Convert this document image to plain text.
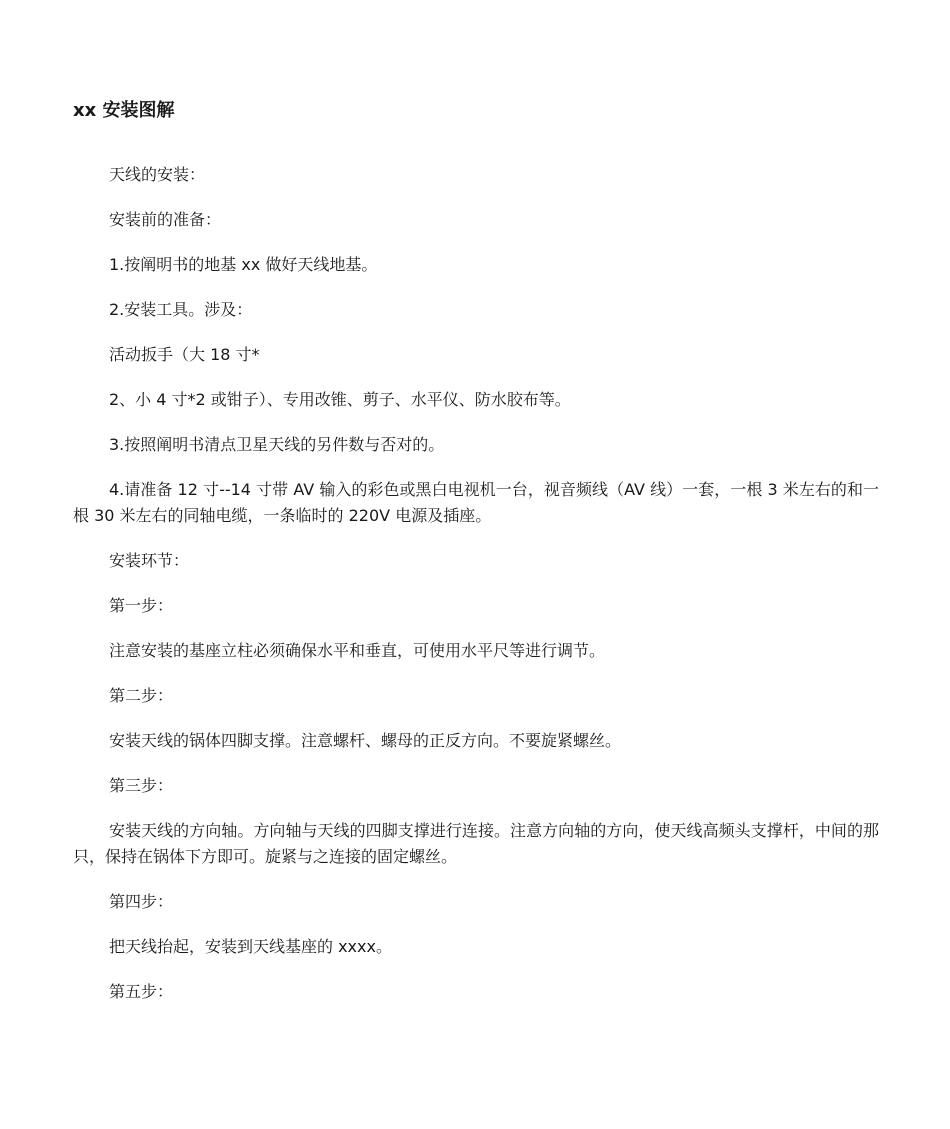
xx 安装图解

天线的安装：

安装前的准备：

1.按阐明书的地基 xx 做好天线地基。

2.安装工具。涉及：

活动扳手（大 18 寸*

2、小 4 寸*2 或钳子）、专用改锥、剪子、水平仪、防水胶布等。

3.按照阐明书清点卫星天线的另件数与否对的。

4.请准备 12 寸--14 寸带 AV 输入的彩色或黑白电视机一台，视音频线（AV 线）一套，一根 3 米左右的和一根 30 米左右的同轴电缆，一条临时的 220V 电源及插座。

安装环节：

第一步：

注意安装的基座立柱必须确保水平和垂直，可使用水平尺等进行调节。

第二步：

安装天线的锅体四脚支撑。注意螺杆、螺母的正反方向。不要旋紧螺丝。

第三步：

安装天线的方向轴。方向轴与天线的四脚支撑进行连接。注意方向轴的方向，使天线高频头支撑杆，中间的那只，保持在锅体下方即可。旋紧与之连接的固定螺丝。

第四步：

把天线抬起，安装到天线基座的 xxxx。

第五步：
